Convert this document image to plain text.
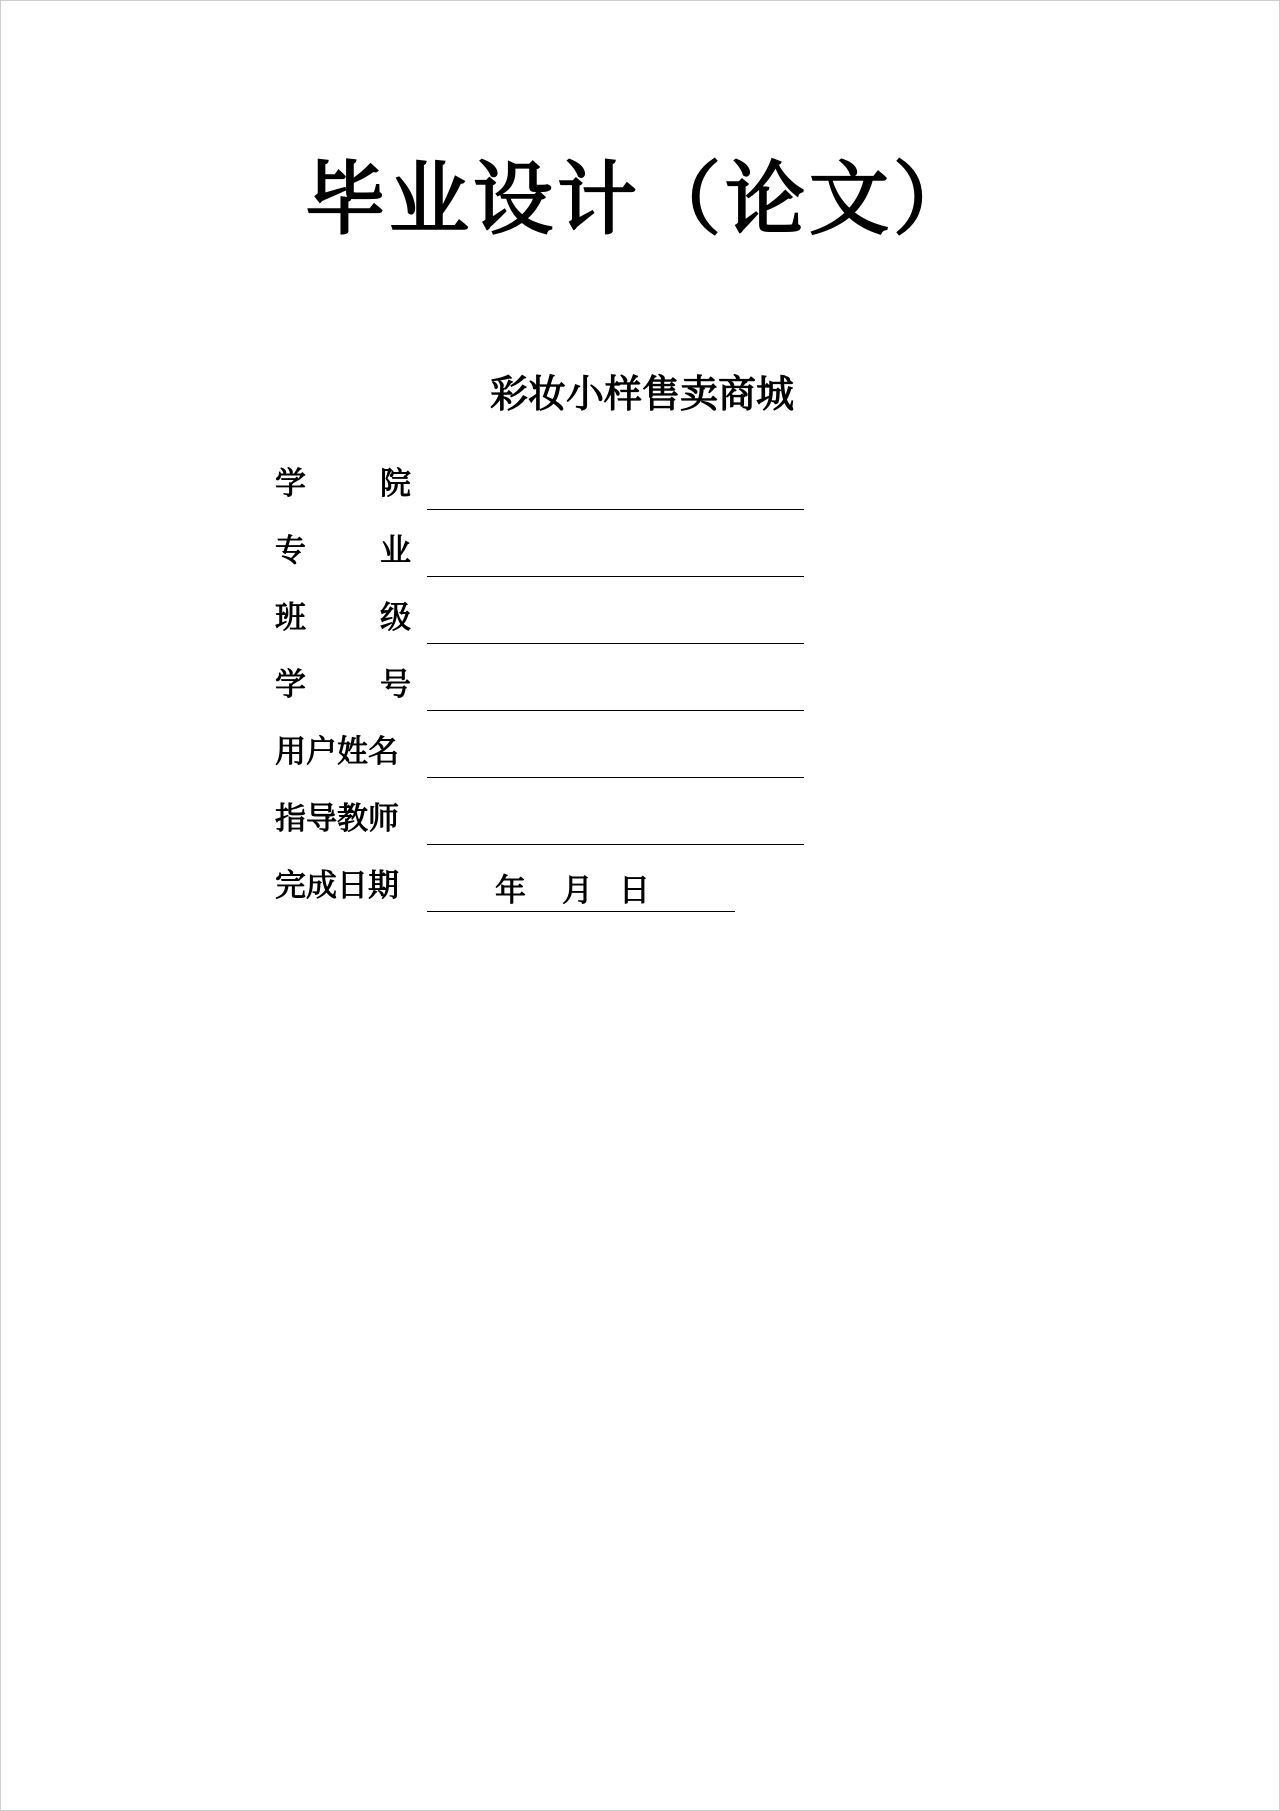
毕业设计（论文）
彩妆小样售卖商城
学 院
专 业
班 级
学 号
用户姓名
指导教师
完成日期	年 月 日
